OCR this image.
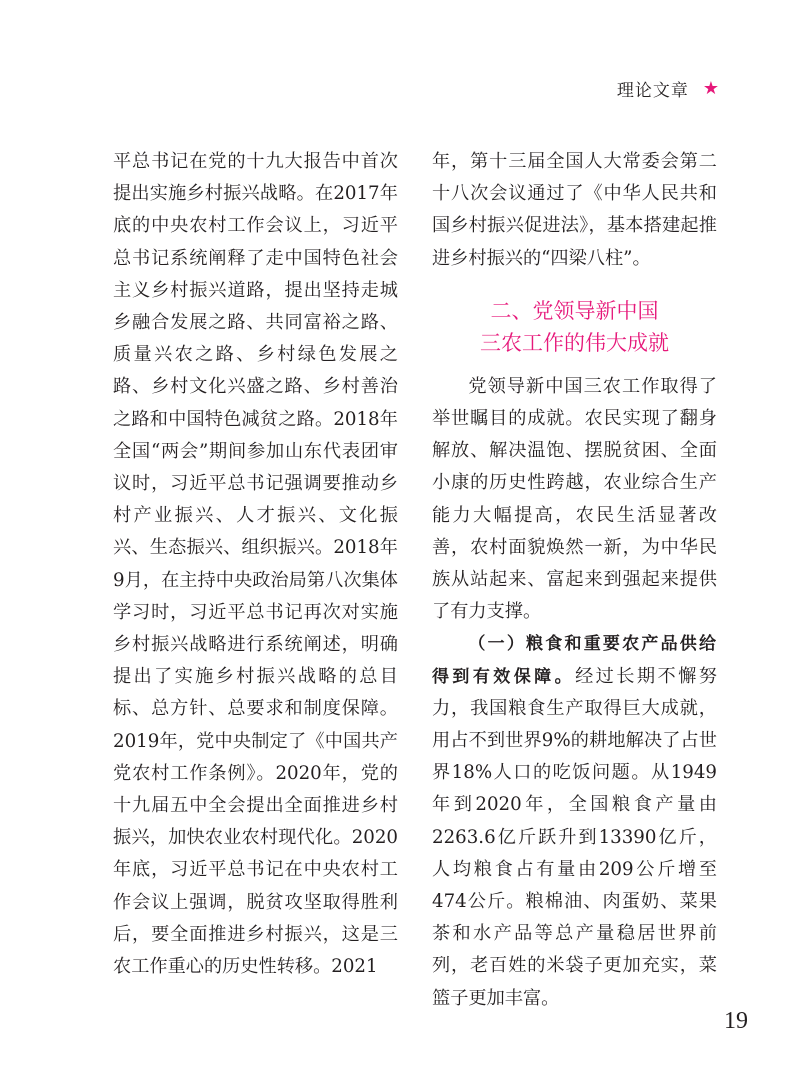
理论文章 ★

平总书记在党的十九大报告中首次提出实施乡村振兴战略。在2017年底的中央农村工作会议上，习近平总书记系统阐释了走中国特色社会主义乡村振兴道路，提出坚持走城乡融合发展之路、共同富裕之路、质量兴农之路、乡村绿色发展之路、乡村文化兴盛之路、乡村善治之路和中国特色减贫之路。2018年全国“两会”期间参加山东代表团审议时，习近平总书记强调要推动乡村产业振兴、人才振兴、文化振兴、生态振兴、组织振兴。2018年9月，在主持中央政治局第八次集体学习时，习近平总书记再次对实施乡村振兴战略进行系统阐述，明确提出了实施乡村振兴战略的总目标、总方针、总要求和制度保障。2019年，党中央制定了《中国共产党农村工作条例》。2020年，党的十九届五中全会提出全面推进乡村振兴，加快农业农村现代化。2020年底，习近平总书记在中央农村工作会议上强调，脱贫攻坚取得胜利后，要全面推进乡村振兴，这是三农工作重心的历史性转移。2021

年，第十三届全国人大常委会第二十八次会议通过了《中华人民共和国乡村振兴促进法》，基本搭建起推进乡村振兴的“四梁八柱”。

二、党领导新中国
三农工作的伟大成就

党领导新中国三农工作取得了举世瞩目的成就。农民实现了翻身解放、解决温饱、摆脱贫困、全面小康的历史性跨越，农业综合生产能力大幅提高，农民生活显著改善，农村面貌焕然一新，为中华民族从站起来、富起来到强起来提供了有力支撑。

（一）粮食和重要农产品供给得到有效保障。经过长期不懈努力，我国粮食生产取得巨大成就，用占不到世界9%的耕地解决了占世界18%人口的吃饭问题。从1949年到2020年，全国粮食产量由2263.6亿斤跃升到13390亿斤，人均粮食占有量由209公斤增至474公斤。粮棉油、肉蛋奶、菜果茶和水产品等总产量稳居世界前列，老百姓的米袋子更加充实，菜篮子更加丰富。

19
